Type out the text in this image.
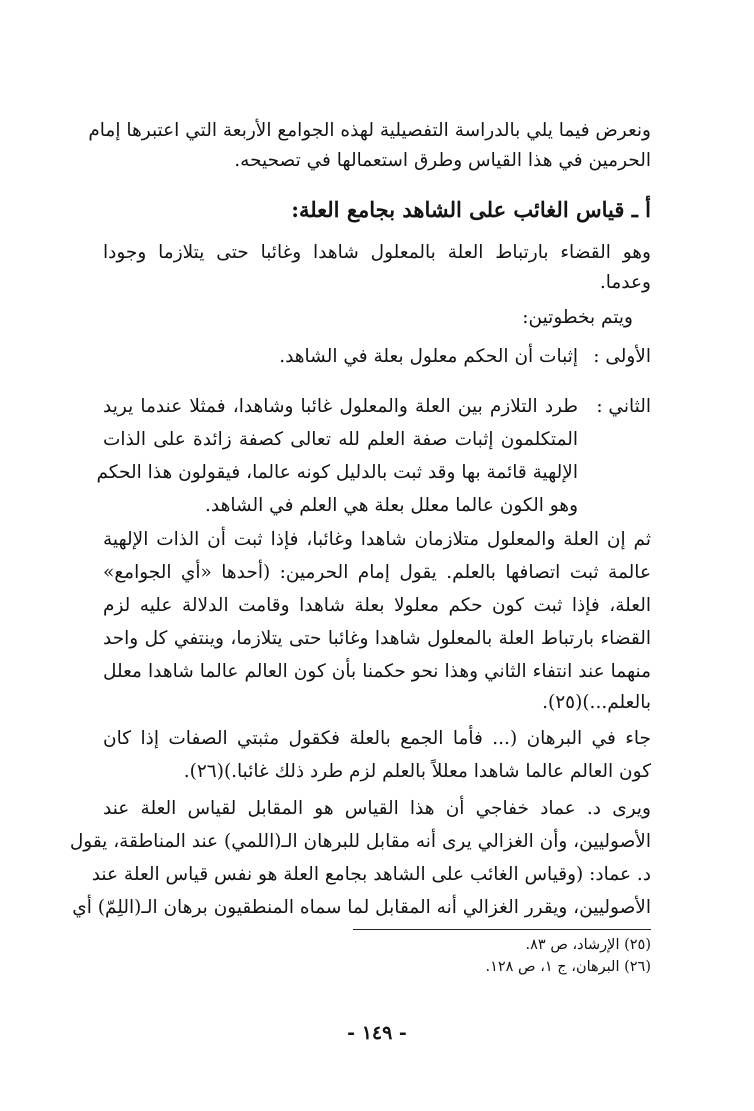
ونعرض فيما يلي بالدراسة التفصيلية لهذه الجوامع الأربعة التي اعتبرها إمام
الحرمين في هذا القياس وطرق استعمالها في تصحيحه.
أ ـ قياس الغائب على الشاهد بجامع العلة:
وهو القضاء بارتباط العلة بالمعلول شاهدا وغائبا حتى يتلازما وجودا
وعدما.
ويتم بخطوتين:
الأولى :
إثبات أن الحكم معلول بعلة في الشاهد.
الثاني :
طرد التلازم بين العلة والمعلول غائبا وشاهدا، فمثلا عندما يريد
المتكلمون إثبات صفة العلم لله تعالى كصفة زائدة على الذات
الإلهية قائمة بها وقد ثبت بالدليل كونه عالما، فيقولون هذا الحكم
وهو الكون عالما معلل بعلة هي العلم في الشاهد.
ثم إن العلة والمعلول متلازمان شاهدا وغائبا، فإذا ثبت أن الذات الإلهية
عالمة ثبت اتصافها بالعلم. يقول إمام الحرمين: (أحدها «أي الجوامع»
العلة، فإذا ثبت كون حكم معلولا بعلة شاهدا وقامت الدلالة عليه لزم
القضاء بارتباط العلة بالمعلول شاهدا وغائبا حتى يتلازما، وينتفي كل واحد
منهما عند انتفاء الثاني وهذا نحو حكمنا بأن كون العالم عالما شاهدا معلل
بالعلم...)(٢٥).
جاء في البرهان (... فأما الجمع بالعلة فكقول مثبتي الصفات إذا كان
كون العالم عالما شاهدا معللاً بالعلم لزم طرد ذلك غائبا.)(٢٦).
ويرى د. عماد خفاجي أن هذا القياس هو المقابل لقياس العلة عند
الأصوليين، وأن الغزالي يرى أنه مقابل للبرهان الـ(اللمي) عند المناطقة، يقول
د. عماد: (وقياس الغائب على الشاهد بجامع العلة هو نفس قياس العلة عند
الأصوليين، ويقرر الغزالي أنه المقابل لما سماه المنطقيون برهان الـ(اللِمّ) أي
(٢٥) الإرشاد، ص ٨٣.
(٢٦) البرهان، ج ١، ص ١٢٨.
- ١٤٩ -
